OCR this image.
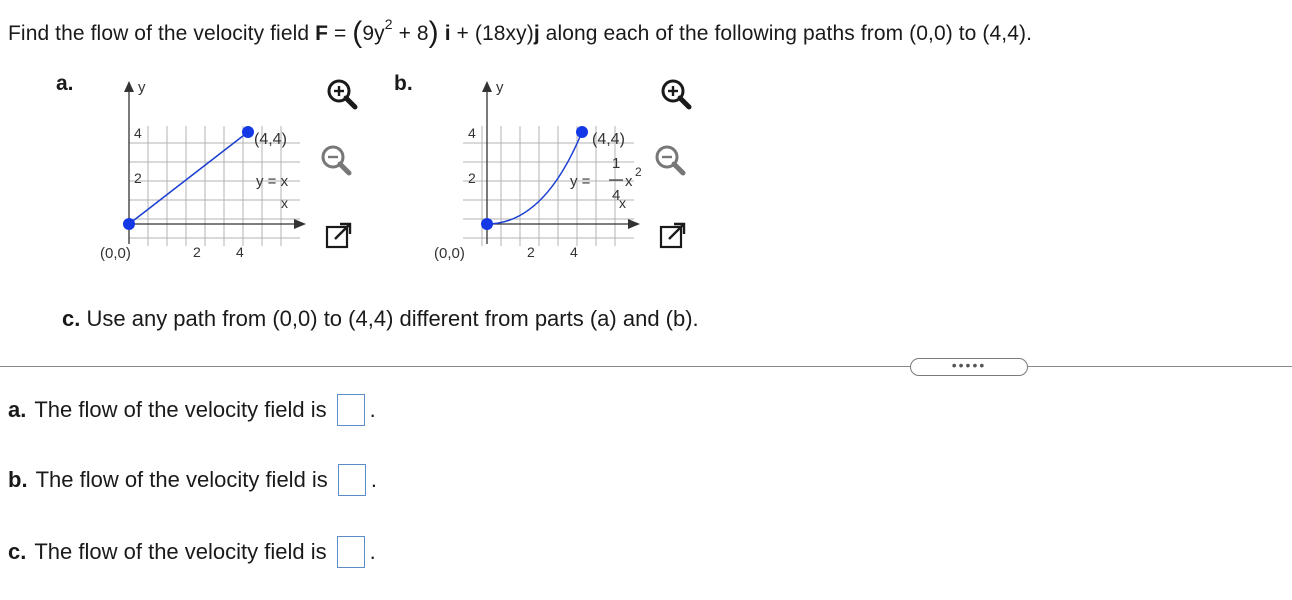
Find the flow of the velocity field $F = (9y^2 + 8) i + (18xy)j$ along each of the following paths from (0,0) to (4,4).
a.	b.
y
x
4
2
2	4
(0,0)
(4,4)
y = x
y
4
2
2	4
(0,0)
(4,4)
y =
1
4
x
2
x
c. Use any path from (0,0) to (4,4) different from parts (a) and (b).
•••••
a. The flow of the velocity field is .
b. The flow of the velocity field is .
c. The flow of the velocity field is .
